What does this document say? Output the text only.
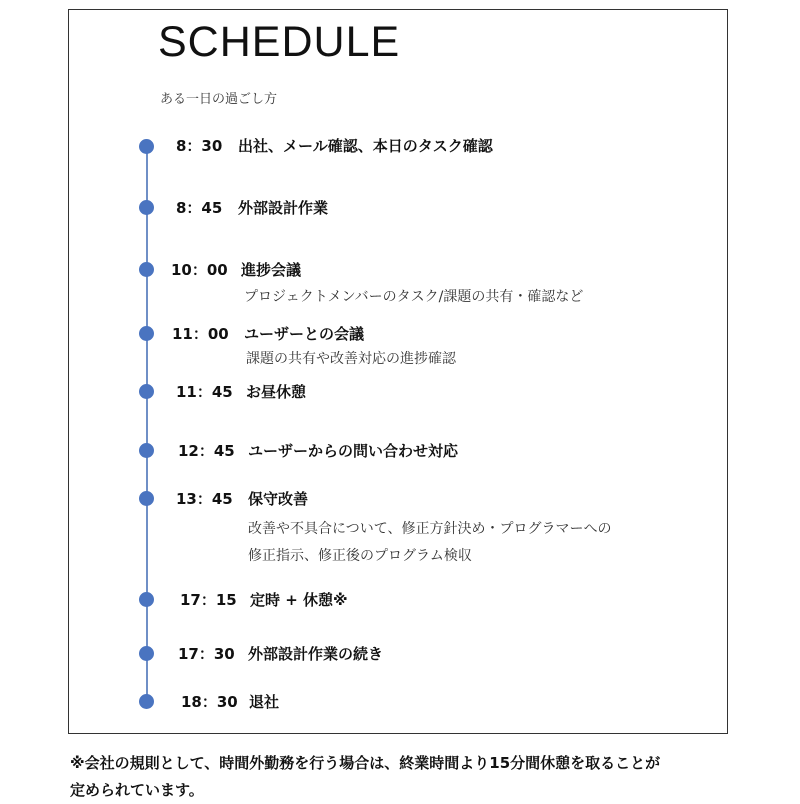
SCHEDULE
ある一日の過ごし方
8：30 出社、メール確認、本日のタスク確認
8：45 外部設計作業
10：00 進捗会議
プロジェクトメンバーのタスク/課題の共有・確認など
11：00 ユーザーとの会議
課題の共有や改善対応の進捗確認
11：45 お昼休憩
12：45 ユーザーからの問い合わせ対応
13：45 保守改善
改善や不具合について、修正方針決め・プログラマーへの
修正指示、修正後のプログラム検収
17：15 定時 + 休憩※
17：30 外部設計作業の続き
18：30 退社
※会社の規則として、時間外勤務を行う場合は、終業時間より15分間休憩を取ることが
定められています。
